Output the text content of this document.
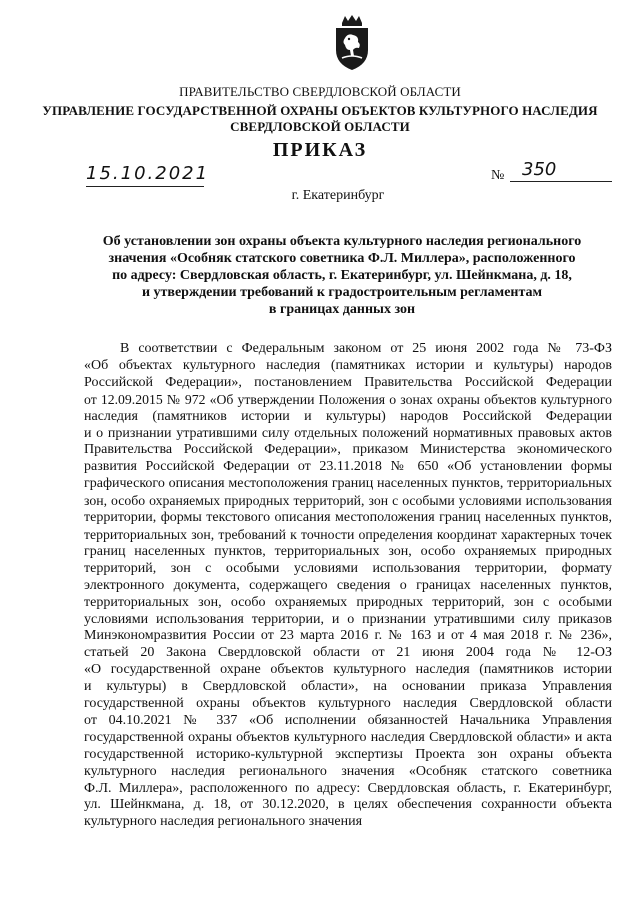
ПРАВИТЕЛЬСТВО СВЕРДЛОВСКОЙ ОБЛАСТИ
УПРАВЛЕНИЕ ГОСУДАРСТВЕННОЙ ОХРАНЫ ОБЪЕКТОВ КУЛЬТУРНОГО НАСЛЕДИЯ
СВЕРДЛОВСКОЙ ОБЛАСТИ
ПРИКАЗ
15.10.2021	№ 350
г. Екатеринбург
Об установлении зон охраны объекта культурного наследия регионального
значения «Особняк статского советника Ф.Л. Миллера», расположенного
по адресу: Свердловская область, г. Екатеринбург, ул. Шейнкмана, д. 18,
и утверждении требований к градостроительным регламентам
в границах данных зон
В соответствии с Федеральным законом от 25 июня 2002 года № 73-ФЗ
«Об объектах культурного наследия (памятниках истории и культуры) народов
Российской Федерации», постановлением Правительства Российской Федерации
от 12.09.2015 № 972 «Об утверждении Положения о зонах охраны объектов культурного
наследия (памятников истории и культуры) народов Российской Федерации
и о признании утратившими силу отдельных положений нормативных правовых актов
Правительства Российской Федерации», приказом Министерства экономического
развития Российской Федерации от 23.11.2018 № 650 «Об установлении формы
графического описания местоположения границ населенных пунктов, территориальных
зон, особо охраняемых природных территорий, зон с особыми условиями использования
территории, формы текстового описания местоположения границ населенных пунктов,
территориальных зон, требований к точности определения координат характерных точек
границ населенных пунктов, территориальных зон, особо охраняемых природных
территорий, зон с особыми условиями использования территории, формату
электронного документа, содержащего сведения о границах населенных пунктов,
территориальных зон, особо охраняемых природных территорий, зон с особыми
условиями использования территории, и о признании утратившими силу приказов
Минэкономразвития России от 23 марта 2016 г. № 163 и от 4 мая 2018 г. № 236»,
статьей 20 Закона Свердловской области от 21 июня 2004 года № 12-ОЗ
«О государственной охране объектов культурного наследия (памятников истории
и культуры) в Свердловской области», на основании приказа Управления
государственной охраны объектов культурного наследия Свердловской области
от 04.10.2021 № 337 «Об исполнении обязанностей Начальника Управления
государственной охраны объектов культурного наследия Свердловской области» и акта
государственной историко-культурной экспертизы Проекта зон охраны объекта
культурного наследия регионального значения «Особняк статского советника
Ф.Л. Миллера», расположенного по адресу: Свердловская область, г. Екатеринбург,
ул. Шейнкмана, д. 18, от 30.12.2020, в целях обеспечения сохранности объекта
культурного наследия регионального значения
